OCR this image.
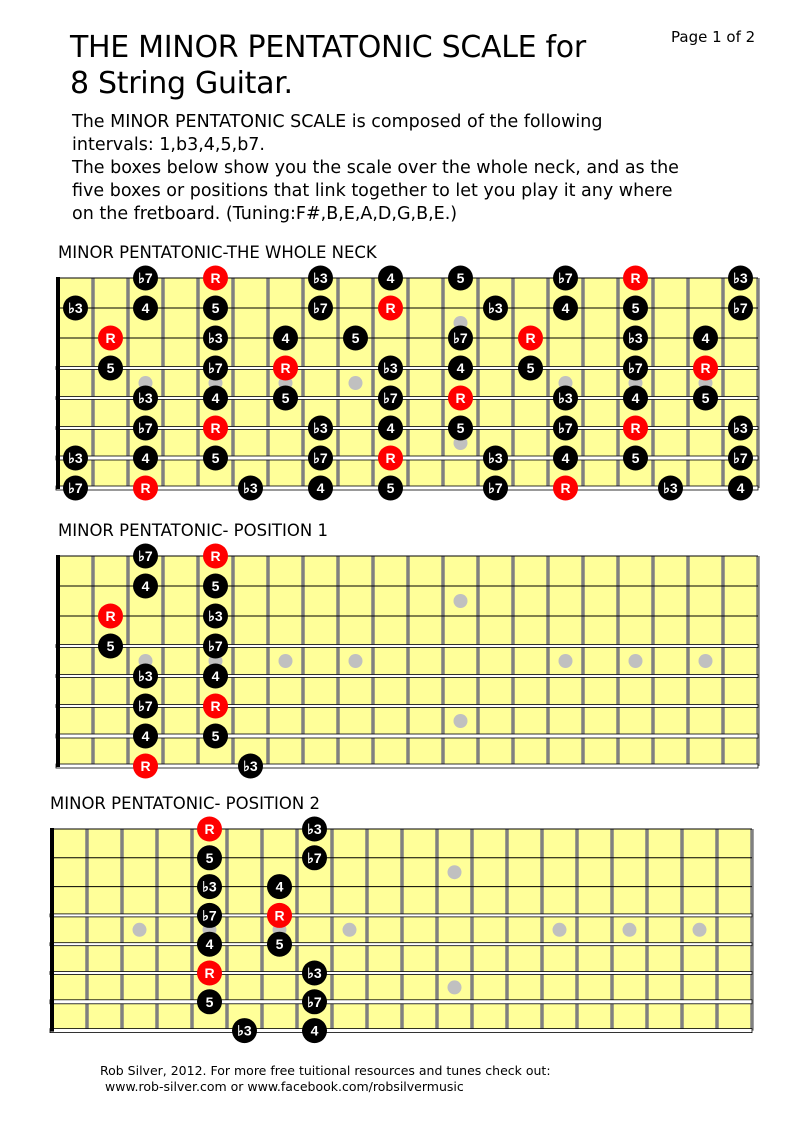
THE MINOR PENTATONIC SCALE for
8 String Guitar.
Page 1 of 2
The MINOR PENTATONIC SCALE is composed of the following
intervals: 1,b3,4,5,b7.
The boxes below show you the scale over the whole neck, and as the
five boxes or positions that link together to let you play it any where
on the fretboard. (Tuning:F#,B,E,A,D,G,B,E.)
MINOR PENTATONIC-THE WHOLE NECK
♭7	R	♭3	4	5	♭7	R	♭3
♭3	4	5	♭7	R	♭3	4	5	♭7
R	♭3	4	5	♭7	R	♭3	4
5	♭7	R	♭3	4	5	♭7	R
♭3	4	5	♭7	R	♭3	4	5
♭7	R	♭3	4	5	♭7	R	♭3
♭3	4	5	♭7	R	♭3	4	5	♭7
♭7	R	♭3	4	5	♭7	R	♭3	4
MINOR PENTATONIC- POSITION 1
♭7	R
4	5
R	♭3
5	♭7
♭3	4
♭7	R
4	5
R	♭3
MINOR PENTATONIC- POSITION 2
R	♭3
5	♭7
♭3	4
♭7	R
4	5
R	♭3
5	♭7
♭3	4
Rob Silver, 2012. For more free tuitional resources and tunes check out:
www.rob-silver.com or www.facebook.com/robsilvermusic
